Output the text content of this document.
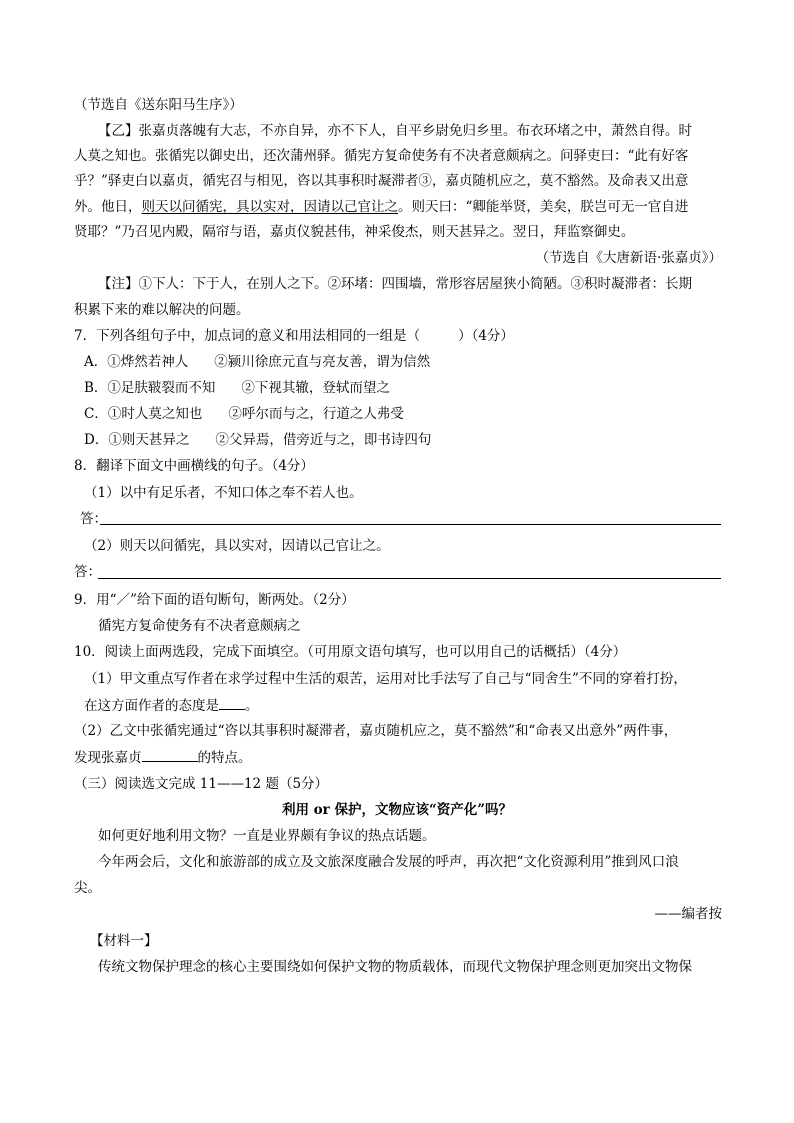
（节选自《送东阳马生序》）
【乙】张嘉贞落魄有大志，不亦自异，亦不下人，自平乡尉免归乡里。布衣环堵之中，萧然自得。时
人莫之知也。张循宪以御史出，还次蒲州驿。循宪方复命使务有不决者意颇病之。问驿吏曰：“此有好客
乎？”驿吏白以嘉贞，循宪召与相见，咨以其事积时凝滞者③，嘉贞随机应之，莫不豁然。及命表又出意
外。他日，则天以问循宪，具以实对，因请以己官让之。则天曰：“卿能举贤，美矣，朕岂可无一官自进
贤耶？”乃召见内殿，隔帘与语，嘉贞仪貌甚伟，神采俊杰，则天甚异之。翌日，拜监察御史。
（节选自《大唐新语·张嘉贞》）
【注】①下人：下于人，在别人之下。②环堵：四围墙，常形容居屋狭小简陋。③积时凝滞者：长期
积累下来的难以解决的问题。
7．下列各组句子中，加点词的意义和用法相同的一组是（	）（4分）
A．①烨然若神人 ②颍川徐庶元直与亮友善，谓为信然
B．①足肤皲裂而不知 ②下视其辙，登轼而望之
C．①时人莫之知也 ②呼尔而与之，行道之人弗受
D．①则天甚异之 ②父异焉，借旁近与之，即书诗四句
8．翻译下面文中画横线的句子。（4分）
（1）以中有足乐者，不知口体之奉不若人也。
答：
（2）则天以问循宪，具以实对，因请以己官让之。
答：
9．用“／”给下面的语句断句，断两处。（2分）
循宪方复命使务有不决者意颇病之
10．阅读上面两选段，完成下面填空。（可用原文语句填写，也可以用自己的话概括）（4分）
（1）甲文重点写作者在求学过程中生活的艰苦，运用对比手法写了自己与“同舍生”不同的穿着打扮，
在这方面作者的态度是 。
（2）乙文中张循宪通过“咨以其事积时凝滞者，嘉贞随机应之，莫不豁然”和“命表又出意外”两件事，
发现张嘉贞	的特点。
（三）阅读选文完成 11——12 题（5分）
利用 or 保护，文物应该“资产化”吗？
如何更好地利用文物？一直是业界颇有争议的热点话题。
今年两会后，文化和旅游部的成立及文旅深度融合发展的呼声，再次把“文化资源利用”推到风口浪
尖。
——编者按
【材料一】
传统文物保护理念的核心主要围绕如何保护文物的物质载体，而现代文物保护理念则更加突出文物保
